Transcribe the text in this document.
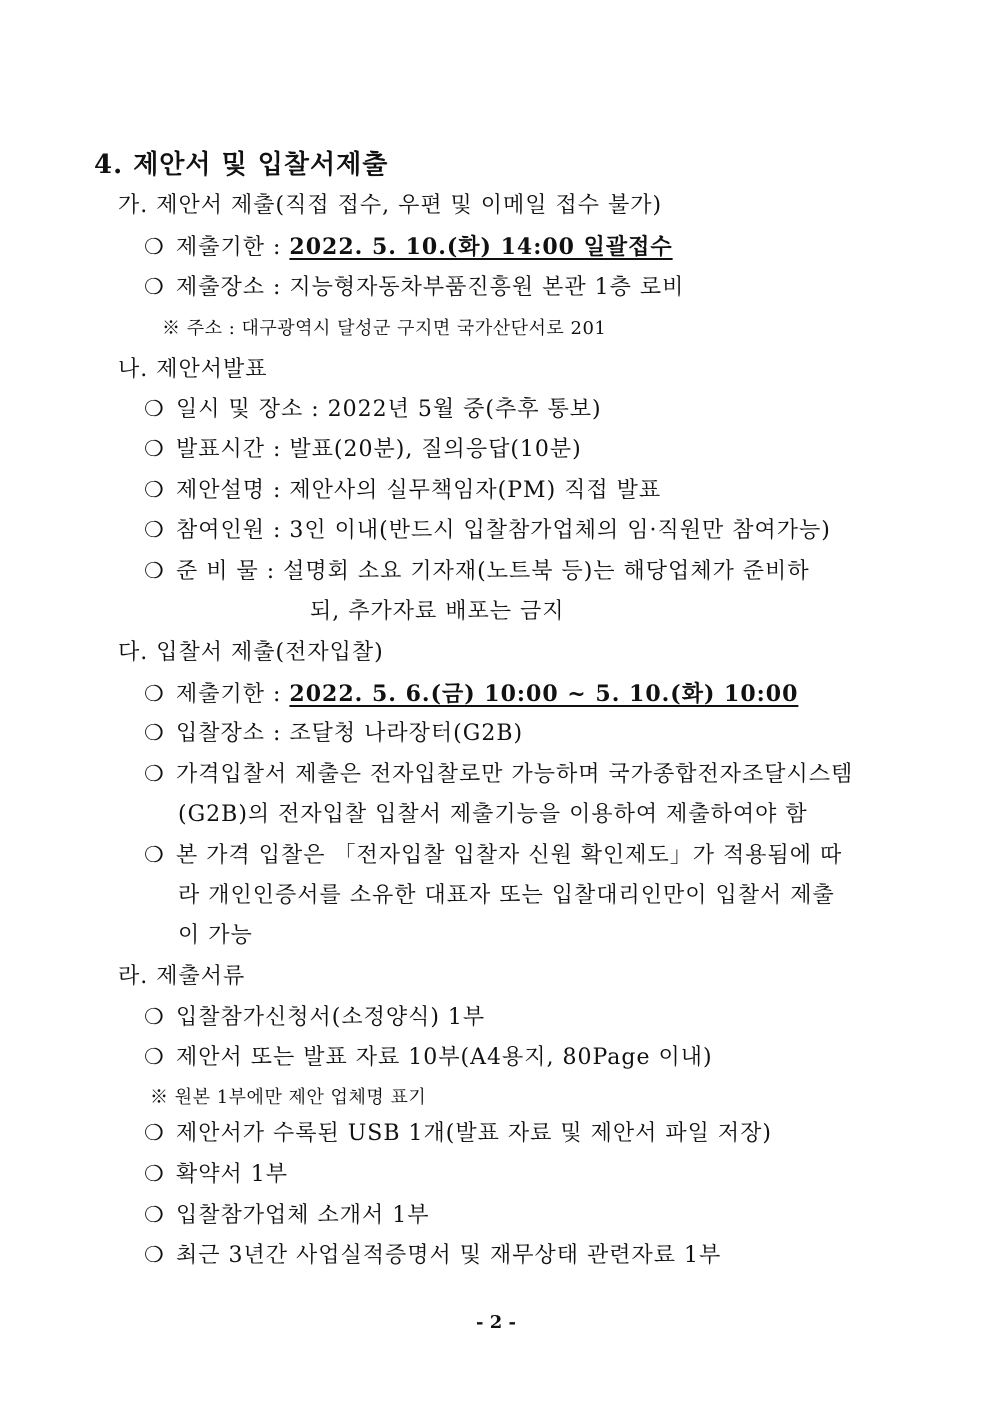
4. 제안서 및 입찰서제출
가. 제안서 제출(직접 접수, 우편 및 이메일 접수 불가)
❍ 제출기한 : 2022. 5. 10.(화) 14:00 일괄접수
❍ 제출장소 : 지능형자동차부품진흥원 본관 1층 로비
※ 주소 : 대구광역시 달성군 구지면 국가산단서로 201
나. 제안서발표
❍ 일시 및 장소 : 2022년 5월 중(추후 통보)
❍ 발표시간 : 발표(20분), 질의응답(10분)
❍ 제안설명 : 제안사의 실무책임자(PM) 직접 발표
❍ 참여인원 : 3인 이내(반드시 입찰참가업체의 임·직원만 참여가능)
❍ 준 비 물 : 설명회 소요 기자재(노트북 등)는 해당업체가 준비하
되, 추가자료 배포는 금지
다. 입찰서 제출(전자입찰)
❍ 제출기한 : 2022. 5. 6.(금) 10:00 ~ 5. 10.(화) 10:00
❍ 입찰장소 : 조달청 나라장터(G2B)
❍ 가격입찰서 제출은 전자입찰로만 가능하며 국가종합전자조달시스템
(G2B)의 전자입찰 입찰서 제출기능을 이용하여 제출하여야 함
❍ 본 가격 입찰은 「전자입찰 입찰자 신원 확인제도」가 적용됨에 따
라 개인인증서를 소유한 대표자 또는 입찰대리인만이 입찰서 제출
이 가능
라. 제출서류
❍ 입찰참가신청서(소정양식) 1부
❍ 제안서 또는 발표 자료 10부(A4용지, 80Page 이내)
※ 원본 1부에만 제안 업체명 표기
❍ 제안서가 수록된 USB 1개(발표 자료 및 제안서 파일 저장)
❍ 확약서 1부
❍ 입찰참가업체 소개서 1부
❍ 최근 3년간 사업실적증명서 및 재무상태 관련자료 1부
- 2 -
